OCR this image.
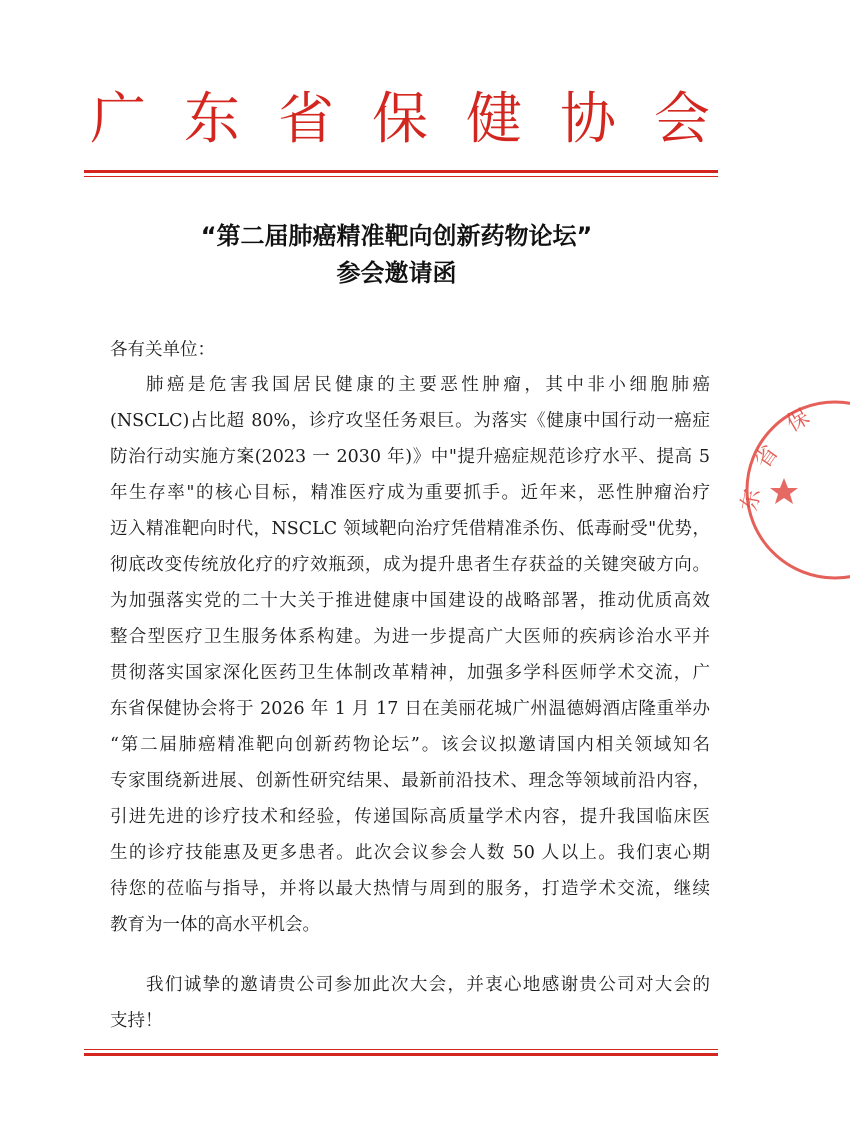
广 东 省 保 健 协 会
“第二届肺癌精准靶向创新药物论坛”
参会邀请函

各有关单位：

肺癌是危害我国居民健康的主要恶性肿瘤，其中非小细胞肺癌

(NSCLC)占比超 80%，诊疗攻坚任务艰巨。为落实《健康中国行动一癌症

防治行动实施方案(2023 一 2030 年)》中"提升癌症规范诊疗水平、提高 5

年生存率"的核心目标，精准医疗成为重要抓手。近年来，恶性肿瘤治疗

迈入精准靶向时代，NSCLC 领域靶向治疗凭借精准杀伤、低毒耐受"优势，

彻底改变传统放化疗的疗效瓶颈，成为提升患者生存获益的关键突破方向。

为加强落实党的二十大关于推进健康中国建设的战略部署，推动优质高效

整合型医疗卫生服务体系构建。为进一步提高广大医师的疾病诊治水平并

贯彻落实国家深化医药卫生体制改革精神，加强多学科医师学术交流，广

东省保健协会将于 2026 年 1 月 17 日在美丽花城广州温德姆酒店隆重举办

“第二届肺癌精准靶向创新药物论坛”。该会议拟邀请国内相关领域知名

专家围绕新进展、创新性研究结果、最新前沿技术、理念等领域前沿内容，

引进先进的诊疗技术和经验，传递国际高质量学术内容，提升我国临床医

生的诊疗技能惠及更多患者。此次会议参会人数 50 人以上。我们衷心期

待您的莅临与指导，并将以最大热情与周到的服务，打造学术交流，继续

教育为一体的高水平机会。

我们诚挚的邀请贵公司参加此次大会，并衷心地感谢贵公司对大会的

支持！

保
省
东
